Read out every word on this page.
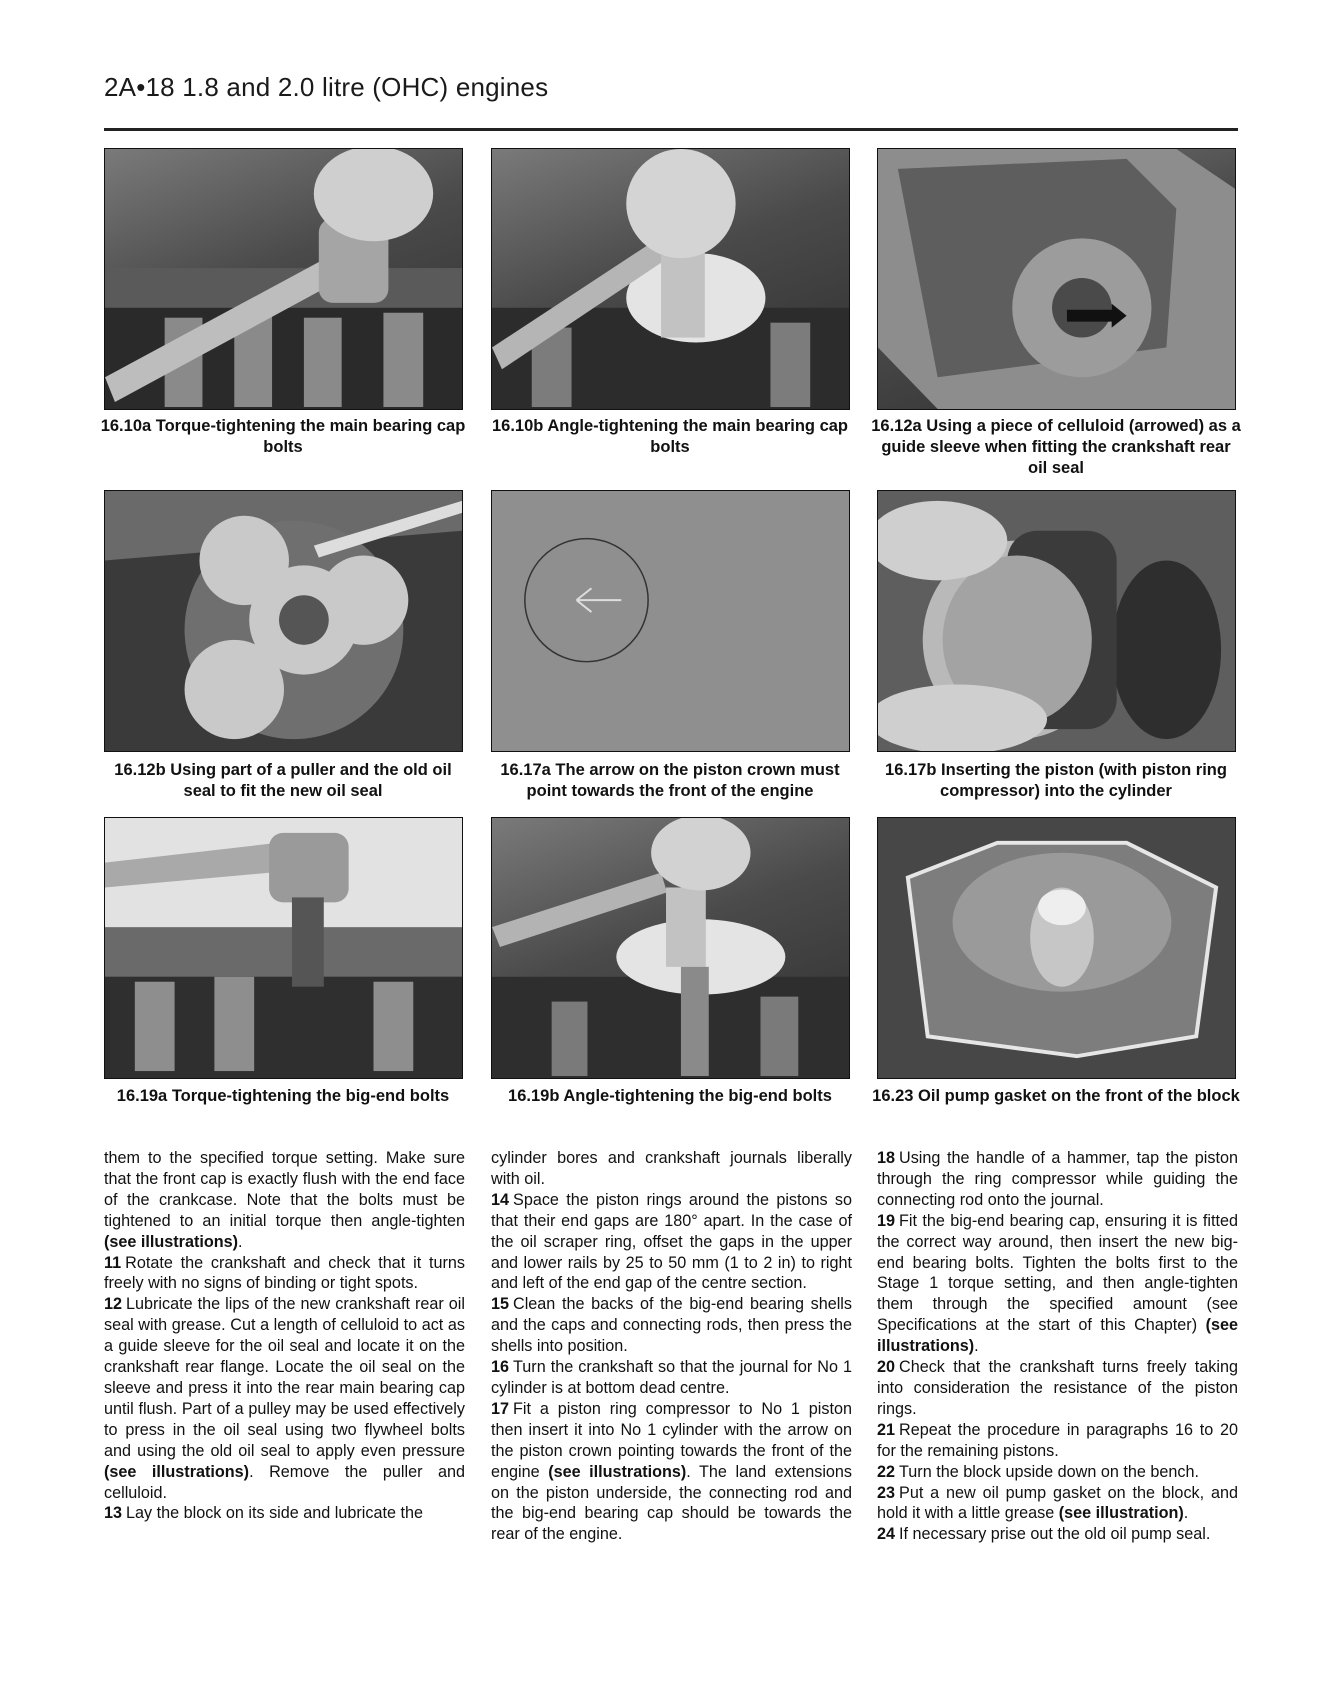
2A•18 1.8 and 2.0 litre (OHC) engines
16.10a Torque-tightening the main bearing cap bolts
16.10b Angle-tightening the main bearing cap bolts
16.12a Using a piece of celluloid (arrowed) as a guide sleeve when fitting the crankshaft rear oil seal
16.12b Using part of a puller and the old oil seal to fit the new oil seal
16.17a The arrow on the piston crown must point towards the front of the engine
16.17b Inserting the piston (with piston ring compressor) into the cylinder
16.19a Torque-tightening the big-end bolts	16.19b Angle-tightening the big-end bolts	16.23 Oil pump gasket on the front of the block

them to the specified torque setting. Make sure that the front cap is exactly flush with the end face of the crankcase. Note that the bolts must be tightened to an initial torque then angle-tighten (see illustrations).

11 Rotate the crankshaft and check that it turns freely with no signs of binding or tight spots.

12 Lubricate the lips of the new crankshaft rear oil seal with grease. Cut a length of celluloid to act as a guide sleeve for the oil seal and locate it on the crankshaft rear flange. Locate the oil seal on the sleeve and press it into the rear main bearing cap until flush. Part of a pulley may be used effectively to press in the oil seal using two flywheel bolts and using the old oil seal to apply even pressure (see illustrations). Remove the puller and celluloid.

13 Lay the block on its side and lubricate the

cylinder bores and crankshaft journals liberally with oil.

14 Space the piston rings around the pistons so that their end gaps are 180° apart. In the case of the oil scraper ring, offset the gaps in the upper and lower rails by 25 to 50 mm (1 to 2 in) to right and left of the end gap of the centre section.

15 Clean the backs of the big-end bearing shells and the caps and connecting rods, then press the shells into position.

16 Turn the crankshaft so that the journal for No 1 cylinder is at bottom dead centre.

17 Fit a piston ring compressor to No 1 piston then insert it into No 1 cylinder with the arrow on the piston crown pointing towards the front of the engine (see illustrations). The land extensions on the piston underside, the connecting rod and the big-end bearing cap should be towards the rear of the engine.

18 Using the handle of a hammer, tap the piston through the ring compressor while guiding the connecting rod onto the journal.

19 Fit the big-end bearing cap, ensuring it is fitted the correct way around, then insert the new big-end bearing bolts. Tighten the bolts first to the Stage 1 torque setting, and then angle-tighten them through the specified amount (see Specifications at the start of this Chapter) (see illustrations).

20 Check that the crankshaft turns freely taking into consideration the resistance of the piston rings.

21 Repeat the procedure in paragraphs 16 to 20 for the remaining pistons.

22 Turn the block upside down on the bench.

23 Put a new oil pump gasket on the block, and hold it with a little grease (see illustration).

24 If necessary prise out the old oil pump seal.
